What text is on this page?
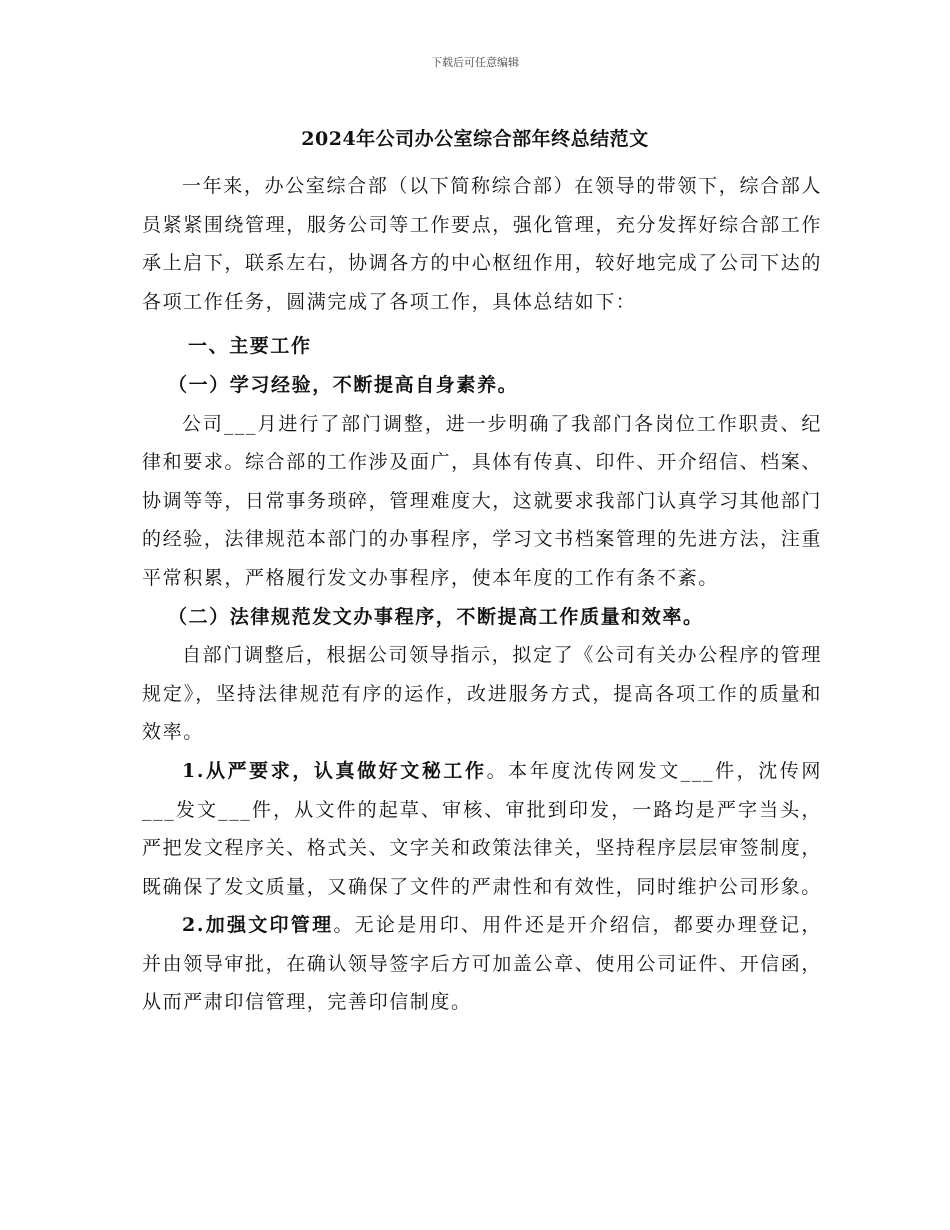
下载后可任意编辑
2024年公司办公室综合部年终总结范文

一年来，办公室综合部（以下简称综合部）在领导的带领下，综合部人员紧紧围绕管理，服务公司等工作要点，强化管理，充分发挥好综合部工作承上启下，联系左右，协调各方的中心枢纽作用，较好地完成了公司下达的各项工作任务，圆满完成了各项工作，具体总结如下：

一、主要工作

（一）学习经验，不断提高自身素养。

公司___月进行了部门调整，进一步明确了我部门各岗位工作职责、纪律和要求。综合部的工作涉及面广，具体有传真、印件、开介绍信、档案、协调等等，日常事务琐碎，管理难度大，这就要求我部门认真学习其他部门的经验，法律规范本部门的办事程序，学习文书档案管理的先进方法，注重平常积累，严格履行发文办事程序，使本年度的工作有条不紊。

（二）法律规范发文办事程序，不断提高工作质量和效率。

自部门调整后，根据公司领导指示，拟定了《公司有关办公程序的管理规定》，坚持法律规范有序的运作，改进服务方式，提高各项工作的质量和效率。

1.从严要求，认真做好文秘工作。本年度沈传网发文___件，沈传网___发文___件，从文件的起草、审核、审批到印发，一路均是严字当头，严把发文程序关、格式关、文字关和政策法律关，坚持程序层层审签制度，既确保了发文质量，又确保了文件的严肃性和有效性，同时维护公司形象。

2.加强文印管理。无论是用印、用件还是开介绍信，都要办理登记，并由领导审批，在确认领导签字后方可加盖公章、使用公司证件、开信函，从而严肃印信管理，完善印信制度。
